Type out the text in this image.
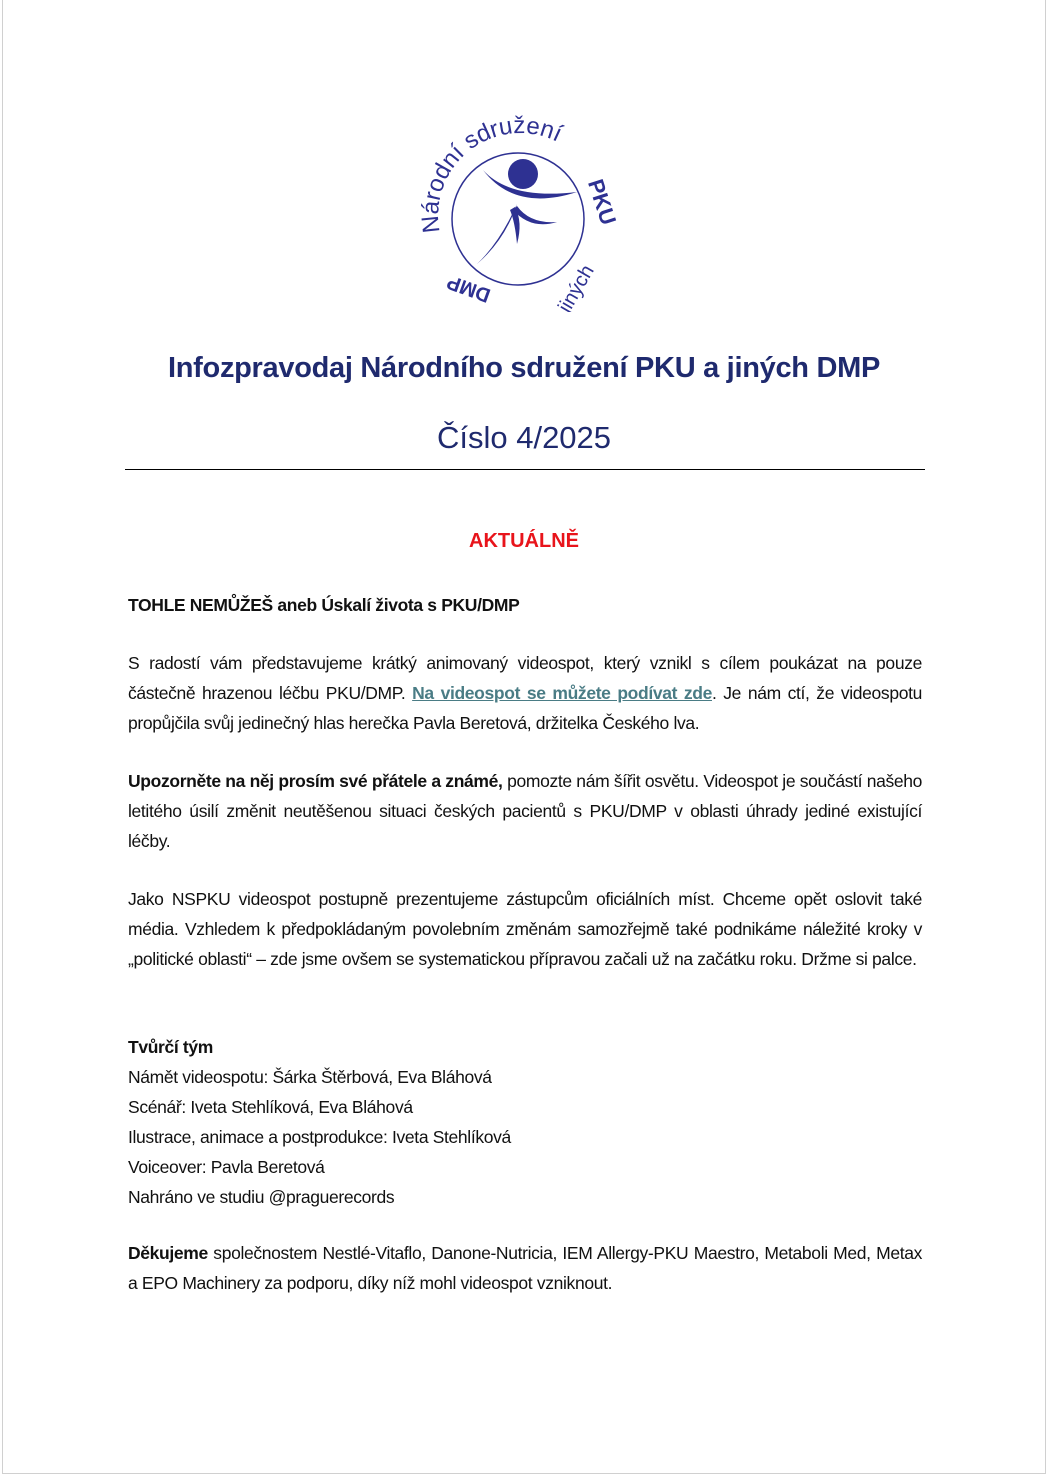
Národní sdružení
PKU
a jiných
DMP
Infozpravodaj Národního sdružení PKU a jiných DMP
Číslo 4/2025
AKTUÁLNĚ
TOHLE NEMŮŽEŠ aneb Úskalí života s PKU/DMP
S radostí vám představujeme krátký animovaný videospot, který vznikl s cílem poukázat na pouze částečně hrazenou léčbu PKU/DMP. Na videospot se můžete podívat zde. Je nám ctí, že videospotu propůjčila svůj jedinečný hlas herečka Pavla Beretová, držitelka Českého lva.
Upozorněte na něj prosím své přátele a známé, pomozte nám šířit osvětu. Videospot je součástí našeho letitého úsilí změnit neutěšenou situaci českých pacientů s PKU/DMP v oblasti úhrady jediné existující léčby.
Jako NSPKU videospot postupně prezentujeme zástupcům oficiálních míst. Chceme opět oslovit také média. Vzhledem k předpokládaným povolebním změnám samozřejmě také podnikáme náležité kroky v „politické oblasti“ – zde jsme ovšem se systematickou přípravou začali už na začátku roku. Držme si palce.
Tvůrčí tým
Námět videospotu: Šárka Štěrbová, Eva Bláhová
Scénář: Iveta Stehlíková, Eva Bláhová
Ilustrace, animace a postprodukce: Iveta Stehlíková
Voiceover: Pavla Beretová
Nahráno ve studiu @praguerecords
Děkujeme společnostem Nestlé-Vitaflo, Danone-Nutricia, IEM Allergy-PKU Maestro, Metaboli Med, Metax a EPO Machinery za podporu, díky níž mohl videospot vzniknout.
